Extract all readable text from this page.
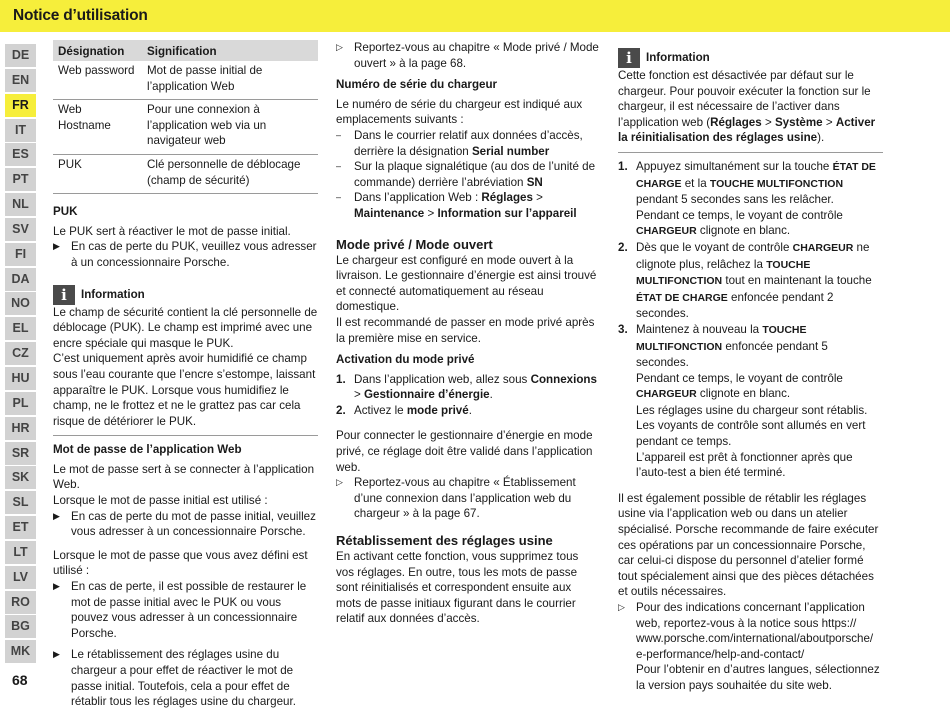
Notice d’utilisation
DE
EN
FR
IT
ES
PT
NL
SV
FI
DA
NO
EL
CZ
HU
PL
HR
SR
SK
SL
ET
LT
LV
RO
BG
MK
68
Désignation	Signification
Web password	Mot de passe initial de l’application Web
Web Hostname	Pour une connexion à l’application web via un navigateur web
PUK	Clé personnelle de déblocage (champ de sécurité)

PUK

Le PUK sert à réactiver le mot de passe initial.

▶ En cas de perte du PUK, veuillez vous adresser à un concessionnaire Porsche.
i	Information

Le champ de sécurité contient la clé personnelle de déblocage (PUK). Le champ est imprimé avec une encre spéciale qui masque le PUK.

C’est uniquement après avoir humidifié ce champ sous l’eau courante que l’encre s’estompe, laissant apparaître le PUK. Lorsque vous humidifiez le champ, ne le frottez et ne le grattez pas car cela risque de détériorer le PUK.

Mot de passe de l’application Web

Le mot de passe sert à se connecter à l’application Web.

Lorsque le mot de passe initial est utilisé :

▶ En cas de perte du mot de passe initial, veuillez vous adresser à un concessionnaire Porsche.

Lorsque le mot de passe que vous avez défini est utilisé :

▶ En cas de perte, il est possible de restaurer le mot de passe initial avec le PUK ou vous pouvez vous adresser à un concessionnaire Porsche.
▶ Le rétablissement des réglages usine du chargeur a pour effet de réactiver le mot de passe initial. Toutefois, cela a pour effet de rétablir tous les réglages usine du chargeur.
▷ Reportez-vous au chapitre « Mode privé / Mode ouvert » à la page 68.

Numéro de série du chargeur

Le numéro de série du chargeur est indiqué aux emplacements suivants :

–	Dans le courrier relatif aux données d’accès, derrière la désignation Serial number
–	Sur la plaque signalétique (au dos de l’unité de commande) derrière l’abréviation SN
–	Dans l’application Web : Réglages > Maintenance > Information sur l’appareil

Mode privé / Mode ouvert

Le chargeur est configuré en mode ouvert à la livraison. Le gestionnaire d’énergie est ainsi trouvé et connecté automatiquement au réseau domestique.

Il est recommandé de passer en mode privé après la première mise en service.

Activation du mode privé

1. Dans l’application web, allez sous Connexions > Gestionnaire d’énergie.
2. Activez le mode privé.

Pour connecter le gestionnaire d’énergie en mode privé, ce réglage doit être validé dans l’application web.

▷ Reportez-vous au chapitre « Établissement d’une connexion dans l’application web du chargeur » à la page 67.

Rétablissement des réglages usine

En activant cette fonction, vous supprimez tous vos réglages. En outre, tous les mots de passe sont réinitialisés et correspondent ensuite aux mots de passe initiaux figurant dans le courrier relatif aux données d’accès.

i	Information

Cette fonction est désactivée par défaut sur le chargeur. Pour pouvoir exécuter la fonction sur le chargeur, il est nécessaire de l’activer dans l’application web (Réglages > Système > Activer la réinitialisation des réglages usine).

1. Appuyez simultanément sur la touche ÉTAT DE CHARGE et la TOUCHE MULTIFONCTION pendant 5 secondes sans les relâcher.

Pendant ce temps, le voyant de contrôle CHARGEUR clignote en blanc.

2. Dès que le voyant de contrôle CHARGEUR ne clignote plus, relâchez la TOUCHE MULTIFONCTION tout en maintenant la touche ÉTAT DE CHARGE enfoncée pendant 2 secondes.
3. Maintenez à nouveau la TOUCHE MULTIFONCTION enfoncée pendant 5 secondes.

Pendant ce temps, le voyant de contrôle CHARGEUR clignote en blanc.

Les réglages usine du chargeur sont rétablis. Les voyants de contrôle sont allumés en vert pendant ce temps.

L’appareil est prêt à fonctionner après que l’auto-test a bien été terminé.

Il est également possible de rétablir les réglages usine via l’application web ou dans un atelier spécialisé. Porsche recommande de faire exécuter ces opérations par un concessionnaire Porsche, car celui-ci dispose du personnel d’atelier formé tout spécialement ainsi que des pièces détachées et outils nécessaires.

▷ Pour des indications concernant l’application web, reportez-vous à la notice sous https:// www.porsche.com/international/aboutporsche/ e-performance/help-and-contact/

Pour l’obtenir en d’autres langues, sélectionnez la version pays souhaitée du site web.
